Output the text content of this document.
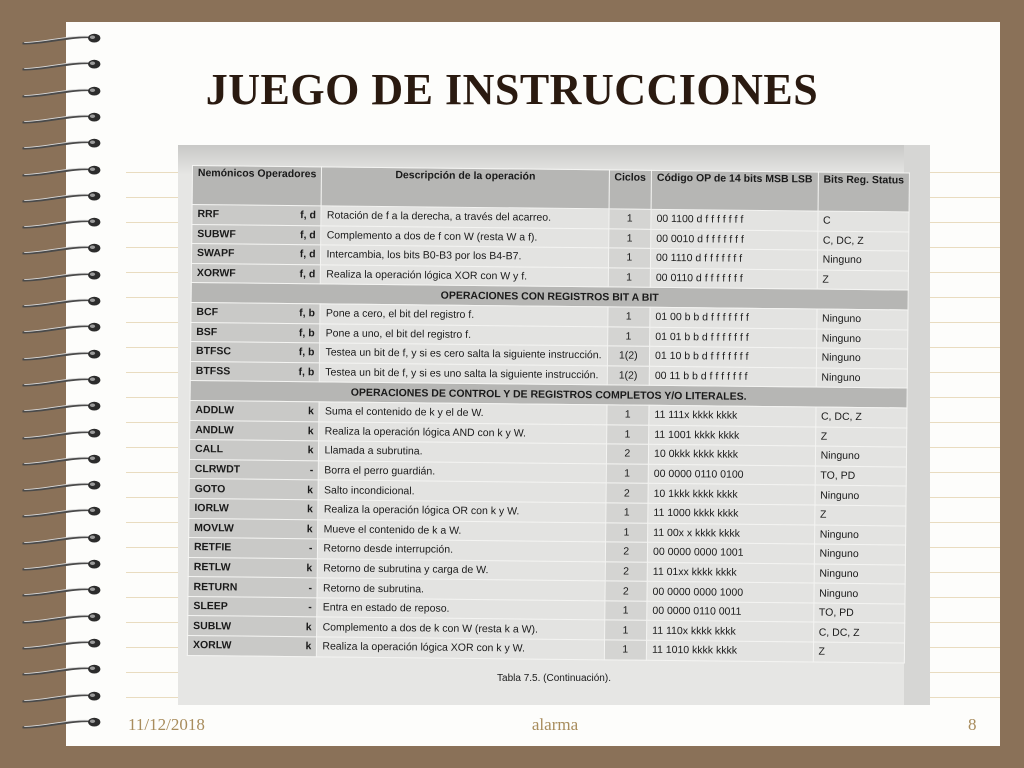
JUEGO DE INSTRUCCIONES
Nemónicos Operadores	Descripción de la operación	Ciclos	Código OP de 14 bits MSB LSB	Bits Reg. Status
RRF f, d	Rotación de f a la derecha, a través del acarreo.	1	00 1100 d f f f f f f f	C
SUBWF f, d	Complemento a dos de f con W (resta W a f).	1	00 0010 d f f f f f f f	C, DC, Z
SWAPF f, d	Intercambia, los bits B0-B3 por los B4-B7.	1	00 1110 d f f f f f f f	Ninguno
XORWF f, d	Realiza la operación lógica XOR con W y f.	1	00 0110 d f f f f f f f	Z
OPERACIONES CON REGISTROS BIT A BIT				
BCF f, b	Pone a cero, el bit del registro f.	1	01 00 b b d f f f f f f f	Ninguno
BSF f, b	Pone a uno, el bit del registro f.	1	01 01 b b d f f f f f f f	Ninguno
BTFSC f, b	Testea un bit de f, y si es cero salta la siguiente instrucción.	1(2)	01 10 b b d f f f f f f f	Ninguno
BTFSS f, b	Testea un bit de f, y si es uno salta la siguiente instrucción.	1(2)	00 11 b b d f f f f f f f	Ninguno
OPERACIONES DE CONTROL Y DE REGISTROS COMPLETOS Y/O LITERALES.				
ADDLW k	Suma el contenido de k y el de W.	1	11 111x kkkk kkkk	C, DC, Z
ANDLW k	Realiza la operación lógica AND con k y W.	1	11 1001 kkkk kkkk	Z
CALL k	Llamada a subrutina.	2	10 0kkk kkkk kkkk	Ninguno
CLRWDT -	Borra el perro guardián.	1	00 0000 0110 0100	TO, PD
GOTO k	Salto incondicional.	2	10 1kkk kkkk kkkk	Ninguno
IORLW k	Realiza la operación lógica OR con k y W.	1	11 1000 kkkk kkkk	Z
MOVLW k	Mueve el contenido de k a W.	1	11 00x x kkkk kkkk	Ninguno
RETFIE -	Retorno desde interrupción.	2	00 0000 0000 1001	Ninguno
RETLW k	Retorno de subrutina y carga de W.	2	11 01xx kkkk kkkk	Ninguno
RETURN -	Retorno de subrutina.	2	00 0000 0000 1000	Ninguno
SLEEP -	Entra en estado de reposo.	1	00 0000 0110 0011	TO, PD
SUBLW k	Complemento a dos de k con W (resta k a W).	1	11 110x kkkk kkkk	C, DC, Z
XORLW k	Realiza la operación lógica XOR con k y W.	1	11 1010 kkkk kkkk	Z
Tabla 7.5. (Continuación).
11/12/2018	alarma	8
